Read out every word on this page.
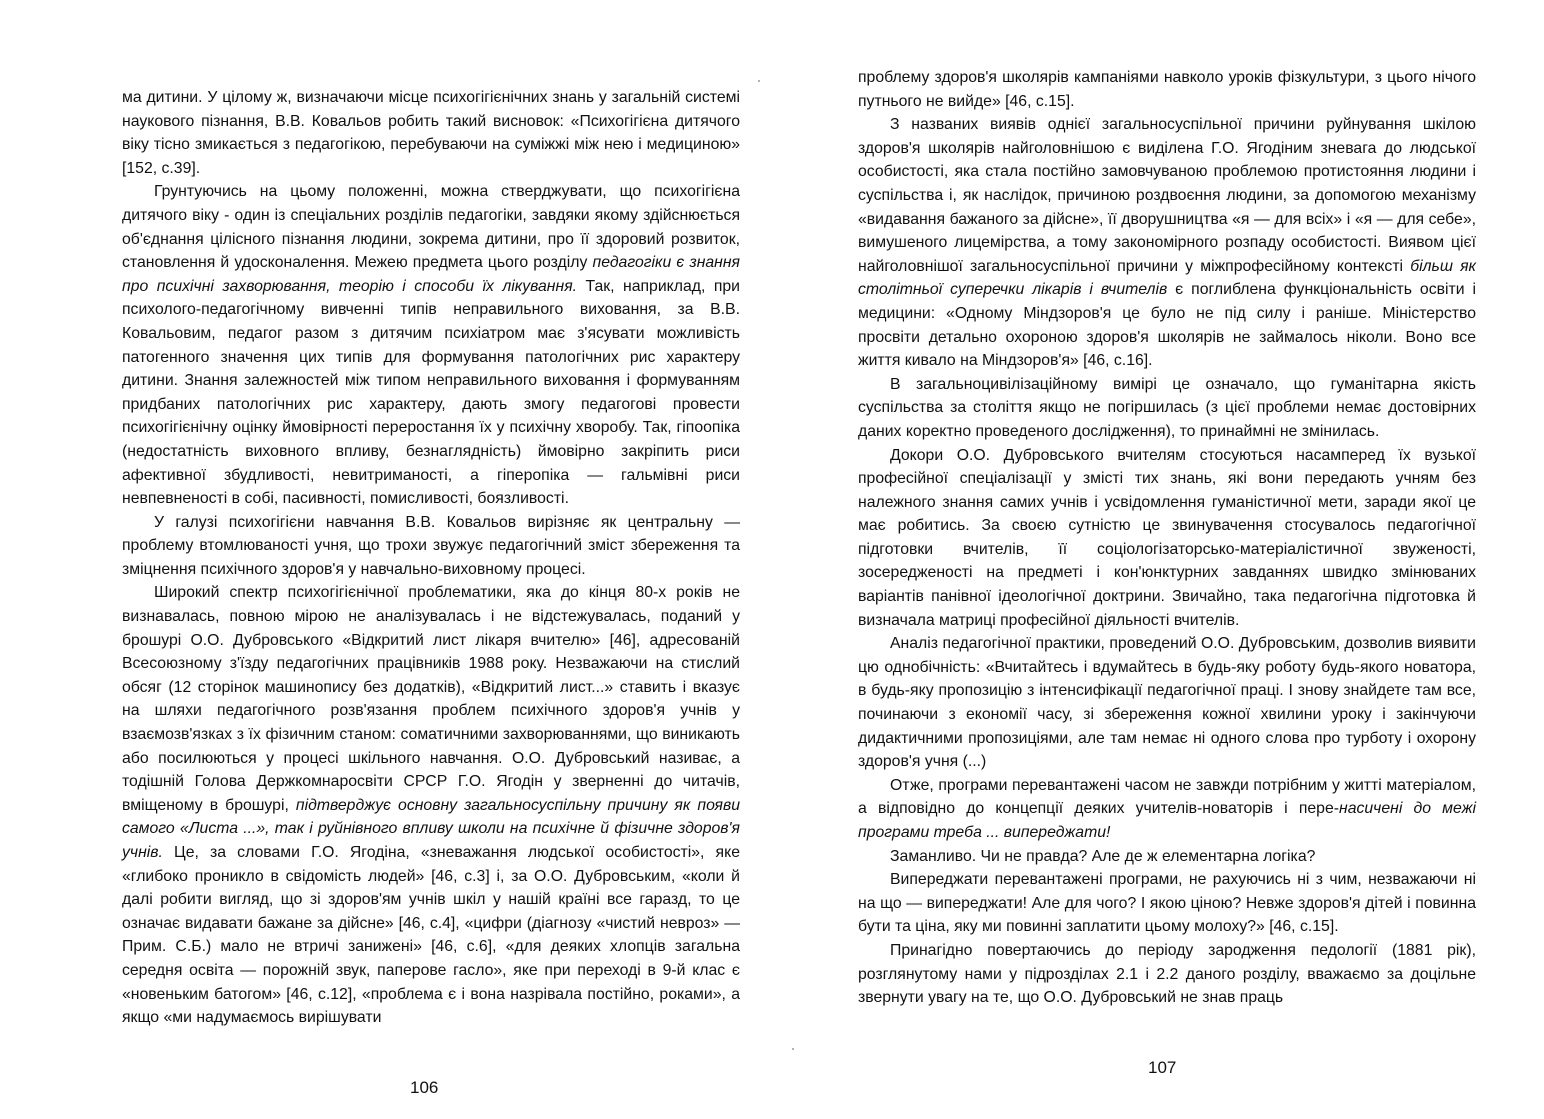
ма дитини. У цілому ж, визначаючи місце психогігієнічних знань у загальній системі наукового пізнання, В.В. Ковальов робить такий висновок: «Психогігієна дитячого віку тісно змикається з педагогікою, перебуваючи на суміжжі між нею і медициною» [152, с.39].

Грунтуючись на цьому положенні, можна стверджувати, що психогігієна дитячого віку - один із спеціальних розділів педагогіки, завдяки якому здійснюється об'єднання цілісного пізнання людини, зокрема дитини, про її здоровий розвиток, становлення й удосконалення. Межею предмета цього розділу педагогіки є знання про психічні захворювання, теорію і способи їх лікування. Так, наприклад, при психолого-педагогічному вивченні типів неправильного виховання, за В.В. Ковальовим, педагог разом з дитячим психіатром має з'ясувати можливість патогенного значення цих типів для формування патологічних рис характеру дитини. Знання залежностей між типом неправильного виховання і формуванням придбаних патологічних рис характеру, дають змогу педагогові провести психогігієнічну оцінку ймовірності переростання їх у психічну хворобу. Так, гіпоопіка (недостатність виховного впливу, безнаглядність) ймовірно закріпить риси афективної збудливості, невитриманості, а гіперопіка — гальмівні риси невпевненості в собі, пасивності, помисливості, боязливості.

У галузі психогігієни навчання В.В. Ковальов вирізняє як центральну — проблему втомлюваності учня, що трохи звужує педагогічний зміст збереження та зміцнення психічного здоров'я у навчально-виховному процесі.

Широкий спектр психогігієнічної проблематики, яка до кінця 80-х років не визнавалась, повною мірою не аналізувалась і не відстежувалась, поданий у брошурі О.О. Дубровського «Відкритий лист лікаря вчителю» [46], адресованій Всесоюзному з'їзду педагогічних працівників 1988 року. Незважаючи на стислий обсяг (12 сторінок машинопису без додатків), «Відкритий лист...» ставить і вказує на шляхи педагогічного розв'язання проблем психічного здоров'я учнів у взаємозв'язках з їх фізичним станом: соматичними захворюваннями, що виникають або посилюються у процесі шкільного навчання. О.О. Дубровський називає, а тодішній Голова Держкомнаросвіти СРСР Г.О. Ягодін у зверненні до читачів, вміщеному в брошурі, підтверджує основну загальносуспільну причину як появи самого «Листа ...», так і руйнівного впливу школи на психічне й фізичне здоров'я учнів. Це, за словами Г.О. Ягодіна, «зневажання людської особистості», яке «глибоко проникло в свідомість людей» [46, с.3] і, за О.О. Дубровським, «коли й далі робити вигляд, що зі здоров'ям учнів шкіл у нашій країні все гаразд, то це означає видавати бажане за дійсне» [46, с.4], «цифри (діагнозу «чистий невроз» — Прим. С.Б.) мало не втричі занижені» [46, с.6], «для деяких хлопців загальна середня освіта — порожній звук, паперове гасло», яке при переході в 9-й клас є «новеньким батогом» [46, с.12], «проблема є і вона назрівала постійно, роками», а якщо «ми надумаємось вирішувати

106

проблему здоров'я школярів кампаніями навколо уроків фізкультури, з цього нічого путнього не вийде» [46, с.15].

З названих виявів однієї загальносуспільної причини руйнування шкілою здоров'я школярів найголовнішою є виділена Г.О. Ягодіним зневага до людської особистості, яка стала постійно замовчуваною проблемою протистояння людини і суспільства і, як наслідок, причиною роздвоєння людини, за допомогою механізму «видавання бажаного за дійсне», її дворушництва «я — для всіх» і «я — для себе», вимушеного лицемірства, а тому закономірного розпаду особистості. Виявом цієї найголовнішої загальносуспільної причини у міжпрофесійному контексті більш як столітньої суперечки лікарів і вчителів є поглиблена функціональність освіти і медицини: «Одному Міндзоров'я це було не під силу і раніше. Міністерство просвіти детально охороною здоров'я школярів не займалось ніколи. Воно все життя кивало на Міндзоров'я» [46, с.16].

В загальноцивілізаційному вимірі це означало, що гуманітарна якість суспільства за століття якщо не погіршилась (з цієї проблеми немає достовірних даних коректно проведеного дослідження), то принаймні не змінилась.

Докори О.О. Дубровського вчителям стосуються насамперед їх вузької професійної спеціалізації у змісті тих знань, які вони передають учням без належного знання самих учнів і усвідомлення гуманістичної мети, заради якої це має робитись. За своєю сутністю це звинувачення стосувалось педагогічної підготовки вчителів, її соціологізаторсько-матеріалістичної звуженості, зосередженості на предметі і кон'юнктурних завданнях швидко змінюваних варіантів панівної ідеологічної доктрини. Звичайно, така педагогічна підготовка й визначала матриці професійної діяльності вчителів.

Аналіз педагогічної практики, проведений О.О. Дубровським, дозволив виявити цю однобічність: «Вчитайтесь і вдумайтесь в будь-яку роботу будь-якого новатора, в будь-яку пропозицію з інтенсифікації педагогічної праці. І знову знайдете там все, починаючи з економії часу, зі збереження кожної хвилини уроку і закінчуючи дидактичними пропозиціями, але там немає ні одного слова про турботу і охорону здоров'я учня (...)

Отже, програми перевантажені часом не завжди потрібним у житті матеріалом, а відповідно до концепції деяких учителів-новаторів і пере-насичені до межі програми треба ... випереджати!

Заманливо. Чи не правда? Але де ж елементарна логіка?

Випереджати перевантажені програми, не рахуючись ні з чим, незважаючи ні на що — випереджати! Але для чого? І якою ціною? Невже здоров'я дітей і повинна бути та ціна, яку ми повинні заплатити цьому молоху?» [46, с.15].

Принагідно повертаючись до періоду зародження педології (1881 рік), розглянутому нами у підрозділах 2.1 і 2.2 даного розділу, вважаємо за доцільне звернути увагу на те, що О.О. Дубровський не знав праць

107
